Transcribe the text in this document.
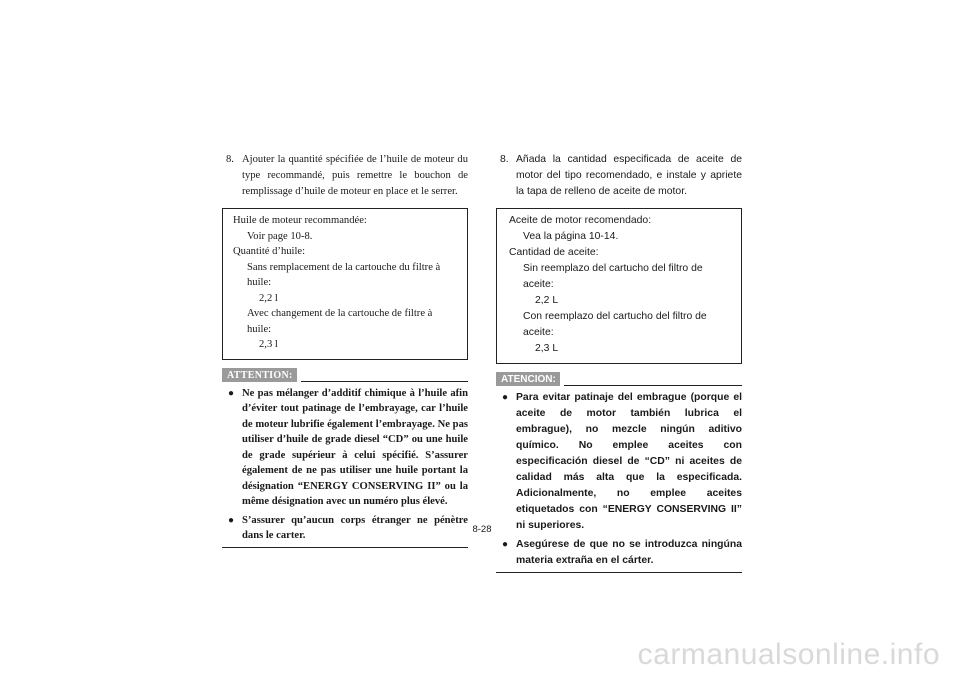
8. Ajouter la quantité spécifiée de l’huile de moteur du type recommandé, puis remettre le bouchon de remplissage d’huile de moteur en place et le serrer.
Huile de moteur recommandée:
Voir page 10-8.
Quantité d’huile:
Sans remplacement de la cartouche du filtre à huile:
2,2 l
Avec changement de la cartouche de filtre à huile:
2,3 l
ATTENTION:
● Ne pas mélanger d’additif chimique à l’huile afin d’éviter tout patinage de l’embrayage, car l’huile de moteur lubrifie également l’embrayage. Ne pas utiliser d’huile de grade diesel “CD” ou une huile de grade supérieur à celui spécifié. S’assurer également de ne pas utiliser une huile portant la désignation “ENERGY CONSERVING II” ou la même désignation avec un numéro plus élevé.
● S’assurer qu’aucun corps étranger ne pénètre dans le carter.
8. Añada la cantidad especificada de aceite de motor del tipo recomendado, e instale y apriete la tapa de relleno de aceite de motor.
Aceite de motor recomendado:
Vea la página 10-14.
Cantidad de aceite:
Sin reemplazo del cartucho del filtro de aceite:
2,2 L
Con reemplazo del cartucho del filtro de aceite:
2,3 L
ATENCION:
● Para evitar patinaje del embrague (porque el aceite de motor también lubrica el embrague), no mezcle ningún aditivo químico. No emplee aceites con especificación diesel de “CD” ni aceites de calidad más alta que la especificada. Adicionalmente, no emplee aceites etiquetados con “ENERGY CONSERVING II” ni superiores.
● Asegúrese de que no se introduzca ningúna materia extraña en el cárter.
8-28
carmanualsonline.info
